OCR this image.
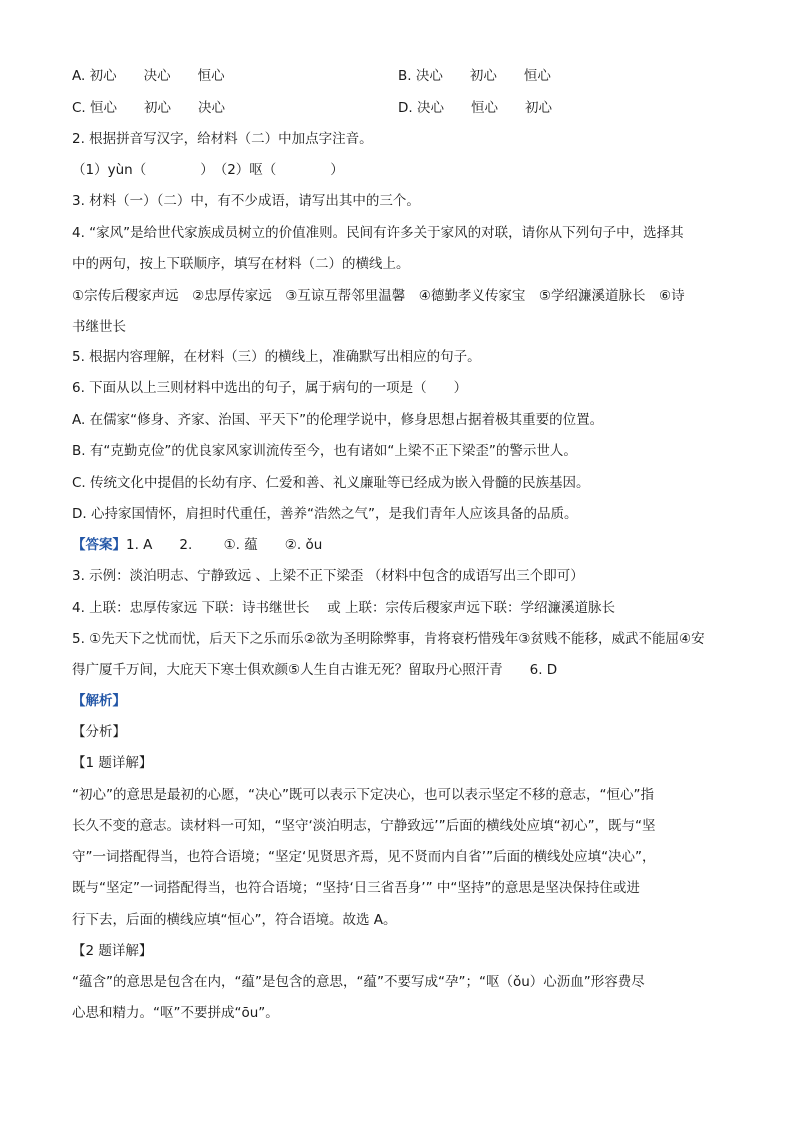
A. 初心　　决心　　恒心	B. 决心　　初心　　恒心
C. 恒心　　初心　　决心	D. 决心　　恒心　　初心
2. 根据拼音写汉字，给材料（二）中加点字注音。
（1）yùn（　　　　）　（2）呕（　　　　）
3. 材料（一）（二）中，有不少成语，请写出其中的三个。
4. “家风”是给世代家族成员树立的价值准则。民间有许多关于家风的对联，请你从下列句子中，选择其
中的两句，按上下联顺序，填写在材料（二）的横线上。
①宗传后稷家声远　②忠厚传家远　③互谅互帮邻里温馨　④德勤孝义传家宝　⑤学绍濂溪道脉长　⑥诗
书继世长
5. 根据内容理解，在材料（三）的横线上，准确默写出相应的句子。
6. 下面从以上三则材料中选出的句子，属于病句的一项是（　　）
A. 在儒家“修身、齐家、治国、平天下”的伦理学说中，修身思想占据着极其重要的位置。
B. 有“克勤克俭”的优良家风家训流传至今，也有诸如“上梁不正下梁歪”的警示世人。
C. 传统文化中提倡的长幼有序、仁爱和善、礼义廉耻等已经成为嵌入骨髓的民族基因。
D. 心持家国情怀，肩担时代重任，善养“浩然之气”，是我们青年人应该具备的品质。
【答案】1. A　　2.　　 ①. 蕴　　②. ǒu
3. 示例：淡泊明志、宁静致远 、上梁不正下梁歪 （材料中包含的成语写出三个即可）
4. 上联：忠厚传家远 下联：诗书继世长　 或 上联：宗传后稷家声远下联：学绍濂溪道脉长
5. ①先天下之忧而忧，后天下之乐而乐②欲为圣明除弊事，肯将衰朽惜残年③贫贱不能移，威武不能屈④安
得广厦千万间，大庇天下寒士俱欢颜⑤人生自古谁无死？留取丹心照汗青　　6. D
【解析】
【分析】
【1 题详解】
“初心”的意思是最初的心愿，“决心”既可以表示下定决心，也可以表示坚定不移的意志，“恒心”指
长久不变的意志。读材料一可知，“坚守‘淡泊明志，宁静致远’”后面的横线处应填“初心”，既与“坚
守”一词搭配得当，也符合语境；“坚定‘见贤思齐焉，见不贤而内自省’”后面的横线处应填“决心”，
既与“坚定”一词搭配得当，也符合语境；“坚持‘日三省吾身’” 中“坚持”的意思是坚决保持住或进
行下去，后面的横线应填“恒心”，符合语境。故选 A。
【2 题详解】
“蕴含”的意思是包含在内，“蕴”是包含的意思，“蕴”不要写成“孕”；“呕（ǒu）心沥血”形容费尽
心思和精力。“呕”不要拼成“ōu”。
